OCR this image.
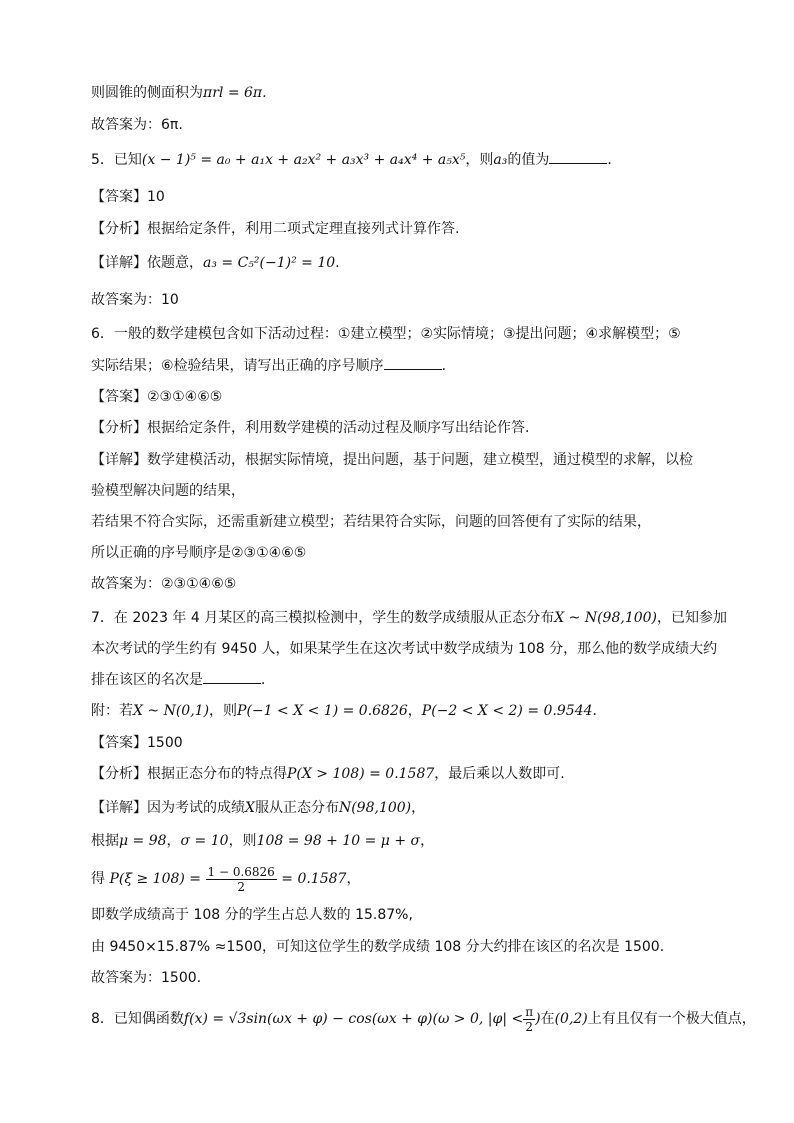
则圆锥的侧面积为πrl = 6π.
故答案为：6π.
5．已知(x − 1)⁵ = a₀ + a₁x + a₂x² + a₃x³ + a₄x⁴ + a₅x⁵，则a₃的值为	．
【答案】10
【分析】根据给定条件，利用二项式定理直接列式计算作答.
【详解】依题意，a₃ = C₅²(−1)² = 10.
故答案为：10
6．一般的数学建模包含如下活动过程：①建立模型；②实际情境；③提出问题；④求解模型；⑤
实际结果；⑥检验结果，请写出正确的序号顺序	．
【答案】②③①④⑥⑤
【分析】根据给定条件，利用数学建模的活动过程及顺序写出结论作答.
【详解】数学建模活动，根据实际情境，提出问题，基于问题，建立模型，通过模型的求解，以检
验模型解决问题的结果，
若结果不符合实际，还需重新建立模型；若结果符合实际，问题的回答便有了实际的结果，
所以正确的序号顺序是②③①④⑥⑤
故答案为：②③①④⑥⑤
7．在 2023 年 4 月某区的高三模拟检测中，学生的数学成绩服从正态分布X ~ N(98,100)，已知参加
本次考试的学生约有 9450 人，如果某学生在这次考试中数学成绩为 108 分，那么他的数学成绩大约
排在该区的名次是	．
附：若X ~ N(0,1)，则P(−1 < X < 1) = 0.6826，P(−2 < X < 2) = 0.9544．
【答案】1500
【分析】根据正态分布的特点得P(X > 108) = 0.1587，最后乘以人数即可.
【详解】因为考试的成绩X服从正态分布N(98,100)，
根据μ = 98，σ = 10，则108 = 98 + 10 = μ + σ，
得 $P(\xi \ge 108) = \frac{1 - 0.6826}{2} = 0.1587$，
即数学成绩高于 108 分的学生占总人数的 15.87%,
由 9450×15.87% ≈1500，可知这位学生的数学成绩 108 分大约排在该区的名次是 1500．
故答案为：1500.
8．已知偶函数f(x) = √3sin(ωx + φ) − cos(ωx + φ)(ω > 0, $|\varphi| < \frac{\pi}{2}$ )在(0,2)上有且仅有一个极大值点，
